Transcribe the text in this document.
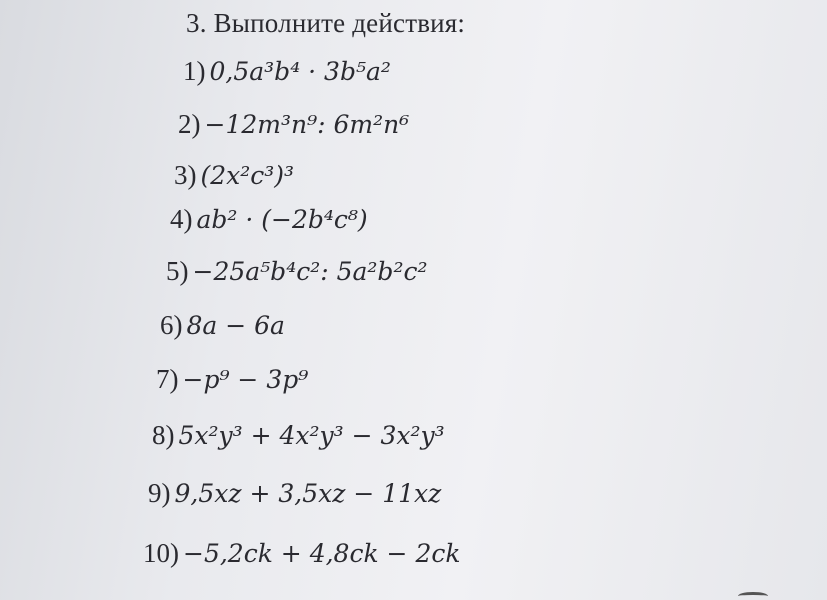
3. Выполните действия:
1) 0,5a³b⁴ · 3b⁵a²
2) −12m³n⁹: 6m²n⁶
3) (2x²c³)³
4) ab² · (−2b⁴c⁸)
5) −25a⁵b⁴c²: 5a²b²c²
6) 8a − 6a
7) −p⁹ − 3p⁹
8) 5x²y³ + 4x²y³ − 3x²y³
9) 9,5xz + 3,5xz − 11xz
10) −5,2ck + 4,8ck − 2ck
